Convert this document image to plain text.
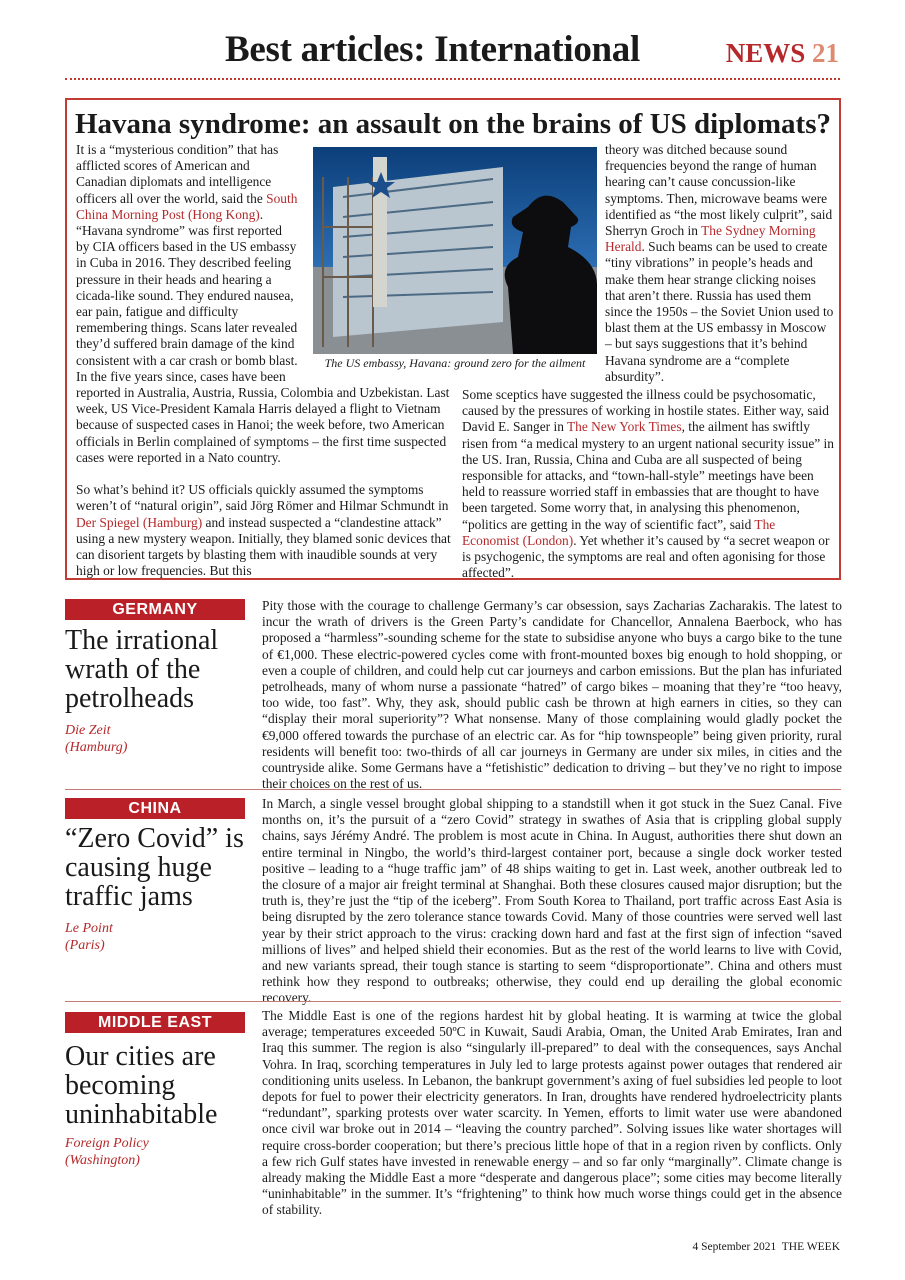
Best articles: International	NEWS 21
Havana syndrome: an assault on the brains of US diplomats?
It is a “mysterious condition” that has afflicted scores of American and Canadian diplomats and intelligence officers all over the world, said the South China Morning Post (Hong Kong). “Havana syndrome” was first reported by CIA officers based in the US embassy in Cuba in 2016. They described feeling pressure in their heads and hearing a cicada-like sound. They endured nausea, ear pain, fatigue and difficulty remembering things. Scans later revealed they’d suffered brain damage of the kind consistent with a car crash or bomb blast. In the five years since, cases have been reported in Australia, Austria, Russia, Colombia and Uzbekistan. Last week, US Vice-President Kamala Harris delayed a flight to Vietnam because of suspected cases in Hanoi; the week before, two American officials in Berlin complained of symptoms – the first time suspected cases were reported in a Nato country.

So what’s behind it? US officials quickly assumed the symptoms weren’t of “natural origin”, said Jörg Römer and Hilmar Schmundt in Der Spiegel (Hamburg) and instead suspected a “clandestine attack” using a new mystery weapon. Initially, they blamed sonic devices that can disorient targets by blasting them with inaudible sounds at very high or low frequencies. But this
The US embassy, Havana: ground zero for the ailment
theory was ditched because sound frequencies beyond the range of human hearing can’t cause concussion-like symptoms. Then, microwave beams were identified as “the most likely culprit”, said Sherryn Groch in The Sydney Morning Herald. Such beams can be used to create “tiny vibrations” in people’s heads and make them hear strange clicking noises that aren’t there. Russia has used them since the 1950s – the Soviet Union used to blast them at the US embassy in Moscow – but says suggestions that it’s behind Havana syndrome are a “complete absurdity”.
Some sceptics have suggested the illness could be psychosomatic, caused by the pressures of working in hostile states. Either way, said David E. Sanger in The New York Times, the ailment has swiftly risen from “a medical mystery to an urgent national security issue” in the US. Iran, Russia, China and Cuba are all suspected of being responsible for attacks, and “town-hall-style” meetings have been held to reassure worried staff in embassies that are thought to have been targeted. Some worry that, in analysing this phenomenon, “politics are getting in the way of scientific fact”, said The Economist (London). Yet whether it’s caused by “a secret weapon or is psychogenic, the symptoms are real and often agonising for those affected”.
GERMANY
The irrational wrath of the petrolheads
Die Zeit
(Hamburg)
Pity those with the courage to challenge Germany’s car obsession, says Zacharias Zacharakis. The latest to incur the wrath of drivers is the Green Party’s candidate for Chancellor, Annalena Baerbock, who has proposed a “harmless”-sounding scheme for the state to subsidise anyone who buys a cargo bike to the tune of €1,000. These electric-powered cycles come with front-mounted boxes big enough to hold shopping, or even a couple of children, and could help cut car journeys and carbon emissions. But the plan has infuriated petrolheads, many of whom nurse a passionate “hatred” of cargo bikes – moaning that they’re “too heavy, too wide, too fast”. Why, they ask, should public cash be thrown at high earners in cities, so they can “display their moral superiority”? What nonsense. Many of those complaining would gladly pocket the €9,000 offered towards the purchase of an electric car. As for “hip townspeople” being given priority, rural residents will benefit too: two-thirds of all car journeys in Germany are under six miles, in cities and the countryside alike. Some Germans have a “fetishistic” dedication to driving – but they’ve no right to impose their choices on the rest of us.
CHINA
“Zero Covid” is causing huge traffic jams
Le Point
(Paris)
In March, a single vessel brought global shipping to a standstill when it got stuck in the Suez Canal. Five months on, it’s the pursuit of a “zero Covid” strategy in swathes of Asia that is crippling global supply chains, says Jérémy André. The problem is most acute in China. In August, authorities there shut down an entire terminal in Ningbo, the world’s third-largest container port, because a single dock worker tested positive – leading to a “huge traffic jam” of 48 ships waiting to get in. Last week, another outbreak led to the closure of a major air freight terminal at Shanghai. Both these closures caused major disruption; but the truth is, they’re just the “tip of the iceberg”. From South Korea to Thailand, port traffic across East Asia is being disrupted by the zero tolerance stance towards Covid. Many of those countries were served well last year by their strict approach to the virus: cracking down hard and fast at the first sign of infection “saved millions of lives” and helped shield their economies. But as the rest of the world learns to live with Covid, and new variants spread, their tough stance is starting to seem “disproportionate”. China and others must rethink how they respond to outbreaks; otherwise, they could end up derailing the global economic recovery.
MIDDLE EAST
Our cities are becoming uninhabitable
Foreign Policy
(Washington)
The Middle East is one of the regions hardest hit by global heating. It is warming at twice the global average; temperatures exceeded 50ºC in Kuwait, Saudi Arabia, Oman, the United Arab Emirates, Iran and Iraq this summer. The region is also “singularly ill-prepared” to deal with the consequences, says Anchal Vohra. In Iraq, scorching temperatures in July led to large protests against power outages that rendered air conditioning units useless. In Lebanon, the bankrupt government’s axing of fuel subsidies led people to loot depots for fuel to power their electricity generators. In Iran, droughts have rendered hydroelectricity plants “redundant”, sparking protests over water scarcity. In Yemen, efforts to limit water use were abandoned once civil war broke out in 2014 – “leaving the country parched”. Solving issues like water shortages will require cross-border cooperation; but there’s precious little hope of that in a region riven by conflicts. Only a few rich Gulf states have invested in renewable energy – and so far only “marginally”. Climate change is already making the Middle East a more “desperate and dangerous place”; some cities may become literally “uninhabitable” in the summer. It’s “frightening” to think how much worse things could get in the absence of stability.
4 September 2021 THE WEEK
